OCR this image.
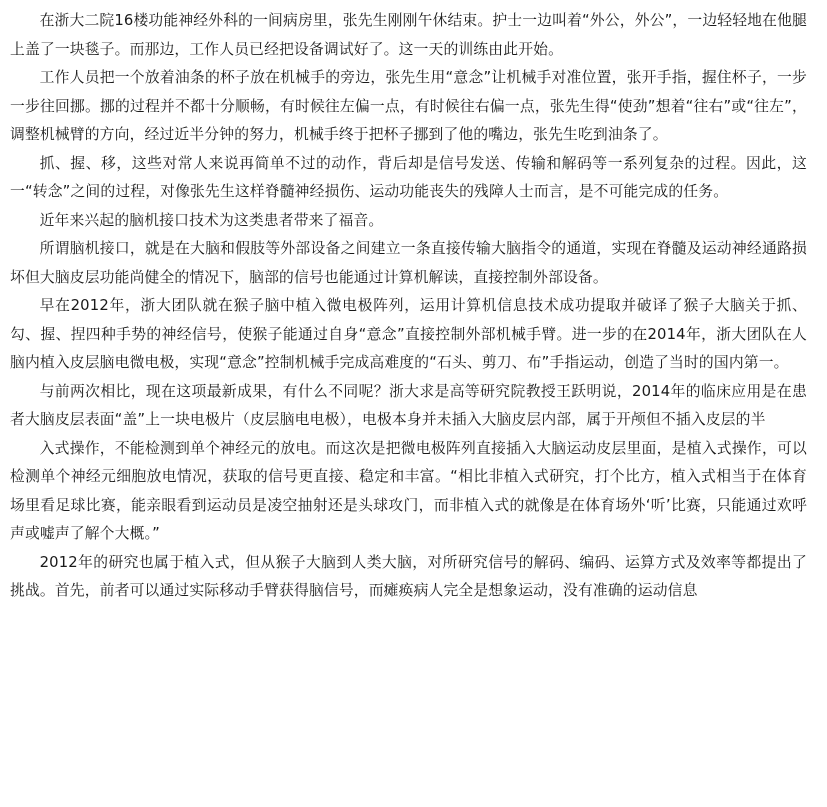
在浙大二院16楼功能神经外科的一间病房里，张先生刚刚午休结束。护士一边叫着“外公，外公”，一边轻轻地在他腿上盖了一块毯子。而那边，工作人员已经把设备调试好了。这一天的训练由此开始。

工作人员把一个放着油条的杯子放在机械手的旁边，张先生用“意念”让机械手对准位置，张开手指，握住杯子，一步一步往回挪。挪的过程并不都十分顺畅，有时候往左偏一点，有时候往右偏一点，张先生得“使劲”想着“往右”或“往左”，调整机械臂的方向，经过近半分钟的努力，机械手终于把杯子挪到了他的嘴边，张先生吃到油条了。

抓、握、移，这些对常人来说再简单不过的动作，背后却是信号发送、传输和解码等一系列复杂的过程。因此，这一“转念”之间的过程，对像张先生这样脊髓神经损伤、运动功能丧失的残障人士而言，是不可能完成的任务。

近年来兴起的脑机接口技术为这类患者带来了福音。

所谓脑机接口，就是在大脑和假肢等外部设备之间建立一条直接传输大脑指令的通道，实现在脊髓及运动神经通路损坏但大脑皮层功能尚健全的情况下，脑部的信号也能通过计算机解读，直接控制外部设备。

早在2012年，浙大团队就在猴子脑中植入微电极阵列，运用计算机信息技术成功提取并破译了猴子大脑关于抓、勾、握、捏四种手势的神经信号，使猴子能通过自身“意念”直接控制外部机械手臂。进一步的在2014年，浙大团队在人脑内植入皮层脑电微电极，实现“意念”控制机械手完成高难度的“石头、剪刀、布”手指运动，创造了当时的国内第一。

与前两次相比，现在这项最新成果，有什么不同呢？浙大求是高等研究院教授王跃明说，2014年的临床应用是在患者大脑皮层表面“盖”上一块电极片（皮层脑电电极），电极本身并未插入大脑皮层内部，属于开颅但不插入皮层的半

入式操作，不能检测到单个神经元的放电。而这次是把微电极阵列直接插入大脑运动皮层里面，是植入式操作，可以检测单个神经元细胞放电情况，获取的信号更直接、稳定和丰富。“相比非植入式研究，打个比方，植入式相当于在体育场里看足球比赛，能亲眼看到运动员是凌空抽射还是头球攻门，而非植入式的就像是在体育场外‘听’比赛，只能通过欢呼声或嘘声了解个大概。”

2012年的研究也属于植入式，但从猴子大脑到人类大脑，对所研究信号的解码、编码、运算方式及效率等都提出了挑战。首先，前者可以通过实际移动手臂获得脑信号，而瘫痪病人完全是想象运动，没有准确的运动信息
